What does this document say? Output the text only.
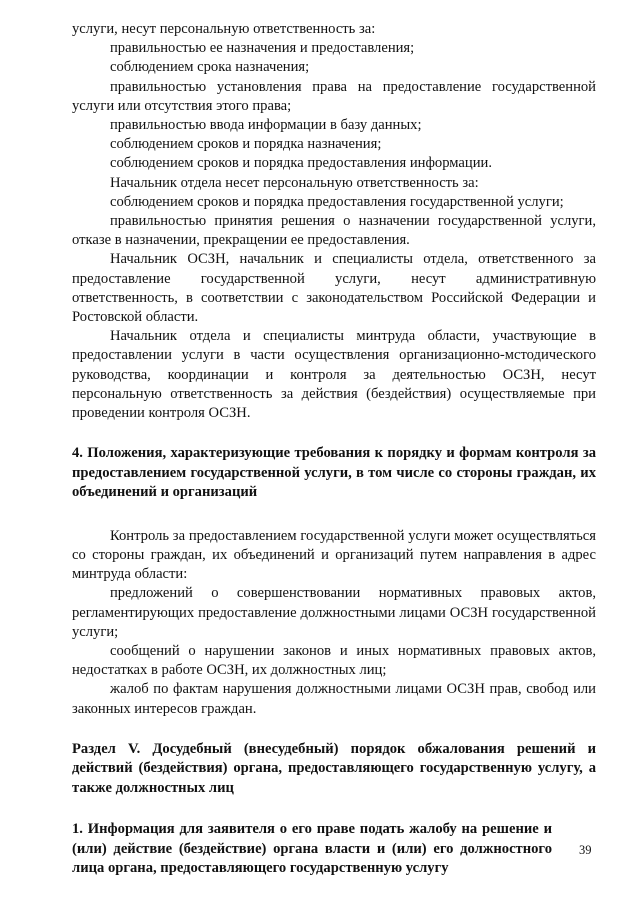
услуги, несут персональную ответственность за:

правильностью ее назначения и предоставления;

соблюдением срока назначения;

правильностью установления права на предоставление государственной услуги или отсутствия этого права;

правильностью ввода информации в базу данных;

соблюдением сроков и порядка назначения;

соблюдением сроков и порядка предоставления информации.

Начальник отдела несет персональную ответственность за:

соблюдением сроков и порядка предоставления государственной услуги;

правильностью принятия решения о назначении государственной услуги, отказе в назначении, прекращении ее предоставления.

Начальник ОСЗН, начальник и специалисты отдела, ответственного за предоставление государственной услуги, несут административную ответственность, в соответствии с законодательством Российской Федерации и Ростовской области.

Начальник отдела и специалисты минтруда области, участвующие в предоставлении услуги в части осуществления организационно-мстодического руководства, координации и контроля за деятельностью ОСЗН, несут персональную ответственность за действия (бездействия) осуществляемые при проведении контроля ОСЗН.

4. Положения, характеризующие требования к порядку и формам контроля за предоставлением государственной услуги, в том числе со стороны граждан, их объединений и организаций

Контроль за предоставлением государственной услуги может осуществляться со стороны граждан, их объединений и организаций путем направления в адрес минтруда области:

предложений о совершенствовании нормативных правовых актов, регламентирующих предоставление должностными лицами ОСЗН государственной услуги;

сообщений о нарушении законов и иных нормативных правовых актов, недостатках в работе ОСЗН, их должностных лиц;

жалоб по фактам нарушения должностными лицами ОСЗН прав, свобод или законных интересов граждан.

Раздел V. Досудебный (внесудебный) порядок обжалования решений и действий (бездействия) органа, предоставляющего государственную услугу, а также должностных лиц

1. Информация для заявителя о его праве подать жалобу на решение и (или) действие (бездействие) органа власти и (или) его должностного лица органа, предоставляющего государственную услугу

39
